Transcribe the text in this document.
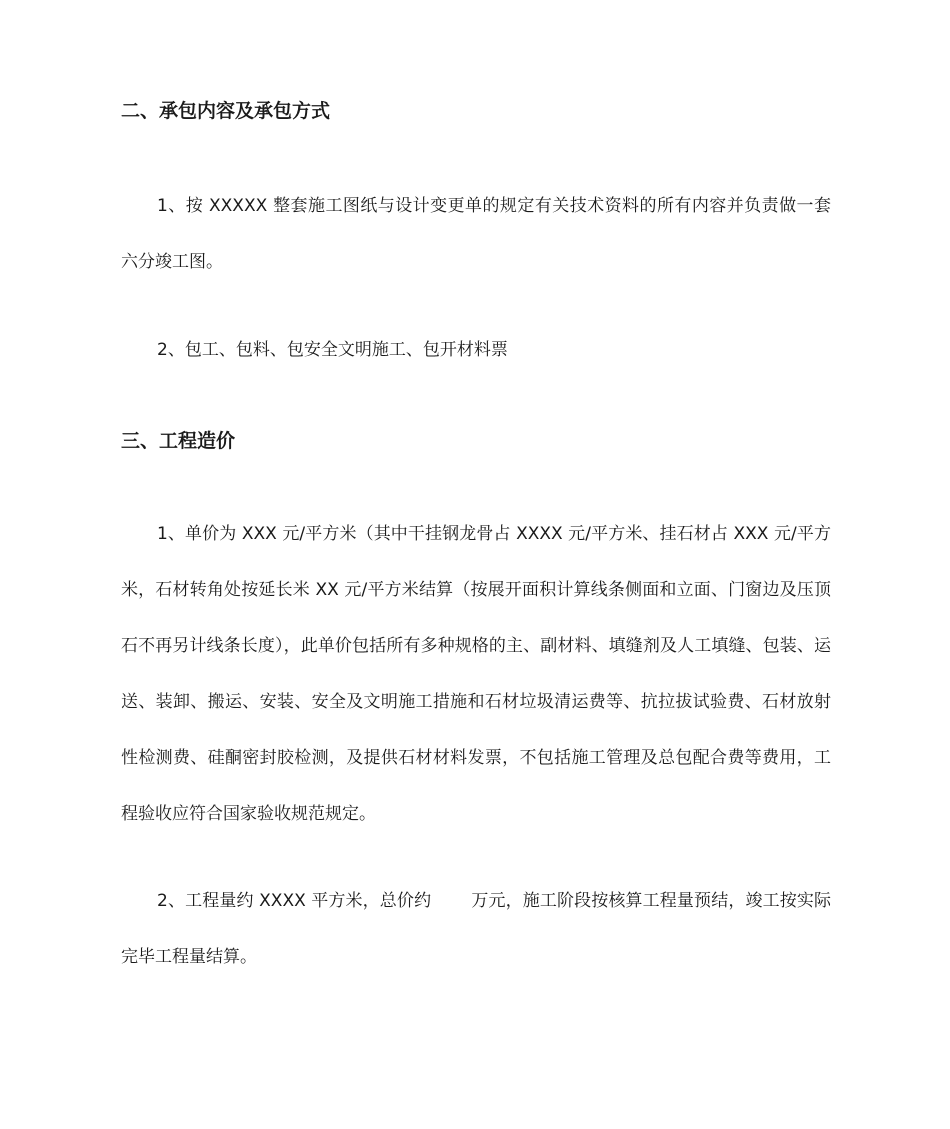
二、承包内容及承包方式

1、按 XXXXX 整套施工图纸与设计变更单的规定有关技术资料的所有内容并负责做一套六分竣工图。

2、包工、包料、包安全文明施工、包开材料票

三、工程造价

1、单价为 XXX 元/平方米（其中干挂钢龙骨占 XXXX 元/平方米、挂石材占 XXX 元/平方米，石材转角处按延长米 XX 元/平方米结算（按展开面积计算线条侧面和立面、门窗边及压顶石不再另计线条长度），此单价包括所有多种规格的主、副材料、填缝剂及人工填缝、包装、运送、装卸、搬运、安装、安全及文明施工措施和石材垃圾清运费等、抗拉拔试验费、石材放射性检测费、硅酮密封胶检测，及提供石材材料发票，不包括施工管理及总包配合费等费用，工程验收应符合国家验收规范规定。

2、工程量约 XXXX 平方米，总价约 万元，施工阶段按核算工程量预结，竣工按实际完毕工程量结算。
